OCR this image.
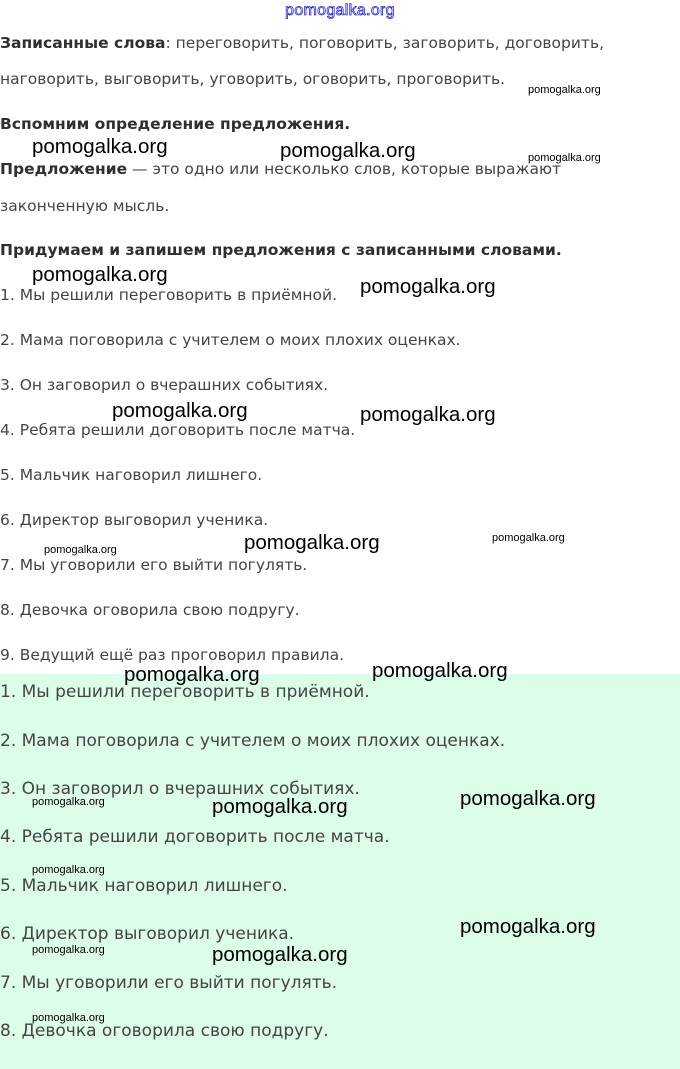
pomogalka.org
Записанные слова: переговорить, поговорить, заговорить, договорить,
наговорить, выговорить, уговорить, оговорить, проговорить.
Вспомним определение предложения.
Предложение — это одно или несколько слов, которые выражают
законченную мысль.
Придумаем и запишем предложения с записанными словами.
1. Мы решили переговорить в приёмной.
2. Мама поговорила с учителем о моих плохих оценках.
3. Он заговорил о вчерашних событиях.
4. Ребята решили договорить после матча.
5. Мальчик наговорил лишнего.
6. Директор выговорил ученика.
7. Мы уговорили его выйти погулять.
8. Девочка оговорила свою подругу.
9. Ведущий ещё раз проговорил правила.
1. Мы решили переговорить в приёмной.
2. Мама поговорила с учителем о моих плохих оценках.
3. Он заговорил о вчерашних событиях.
4. Ребята решили договорить после матча.
5. Мальчик наговорил лишнего.
6. Директор выговорил ученика.
7. Мы уговорили его выйти погулять.
8. Девочка оговорила свою подругу.
pomogalka.org
pomogalka.org	pomogalka.org	pomogalka.org
pomogalka.org
pomogalka.org
pomogalka.org	pomogalka.org
pomogalka.org	pomogalka.org
pomogalka.org
pomogalka.org	pomogalka.org
pomogalka.org	pomogalka.org	pomogalka.org
pomogalka.org
pomogalka.org
pomogalka.org	pomogalka.org
pomogalka.org
